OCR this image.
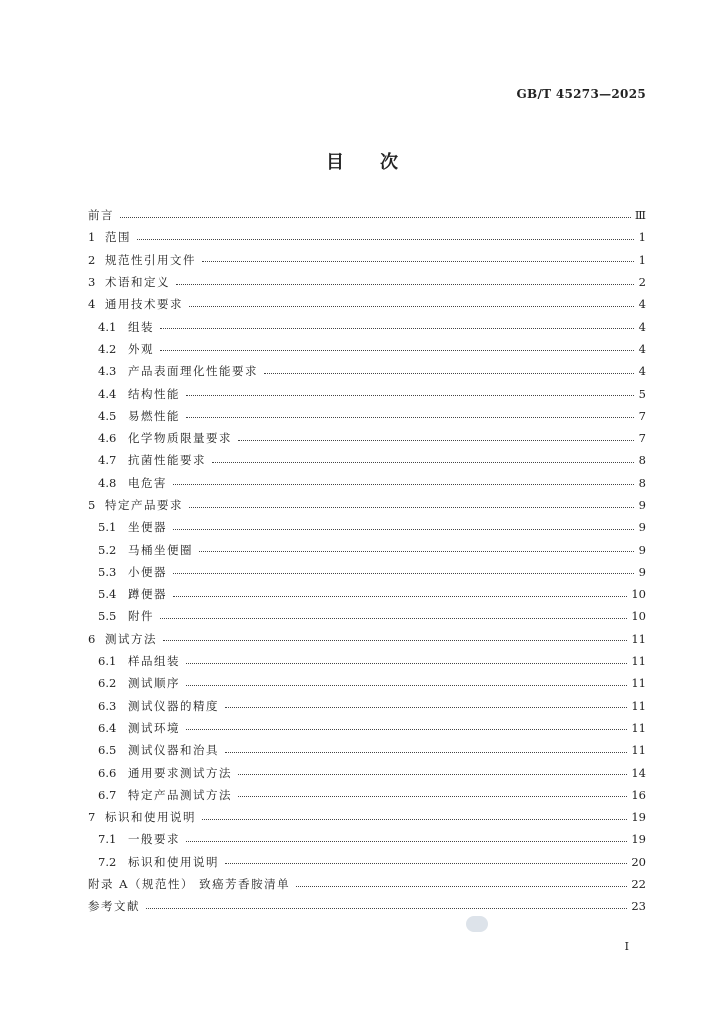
GB/T 45273—2025
目次
前言	Ⅲ
1 范围	1
2 规范性引用文件	1
3 术语和定义	2
4 通用技术要求	4
4.1	组装	4
4.2	外观	4
4.3	产品表面理化性能要求	4
4.4	结构性能	5
4.5	易燃性能	7
4.6	化学物质限量要求	7
4.7	抗菌性能要求	8
4.8	电危害	8
5 特定产品要求	9
5.1	坐便器	9
5.2	马桶坐便圈	9
5.3	小便器	9
5.4	蹲便器	10
5.5	附件	10
6 测试方法	11
6.1	样品组装	11
6.2	测试顺序	11
6.3	测试仪器的精度	11
6.4	测试环境	11
6.5	测试仪器和治具	11
6.6	通用要求测试方法	14
6.7	特定产品测试方法	16
7 标识和使用说明	19
7.1	一般要求	19
7.2	标识和使用说明	20
附录 A（规范性） 致癌芳香胺清单	22
参考文献	23
I
